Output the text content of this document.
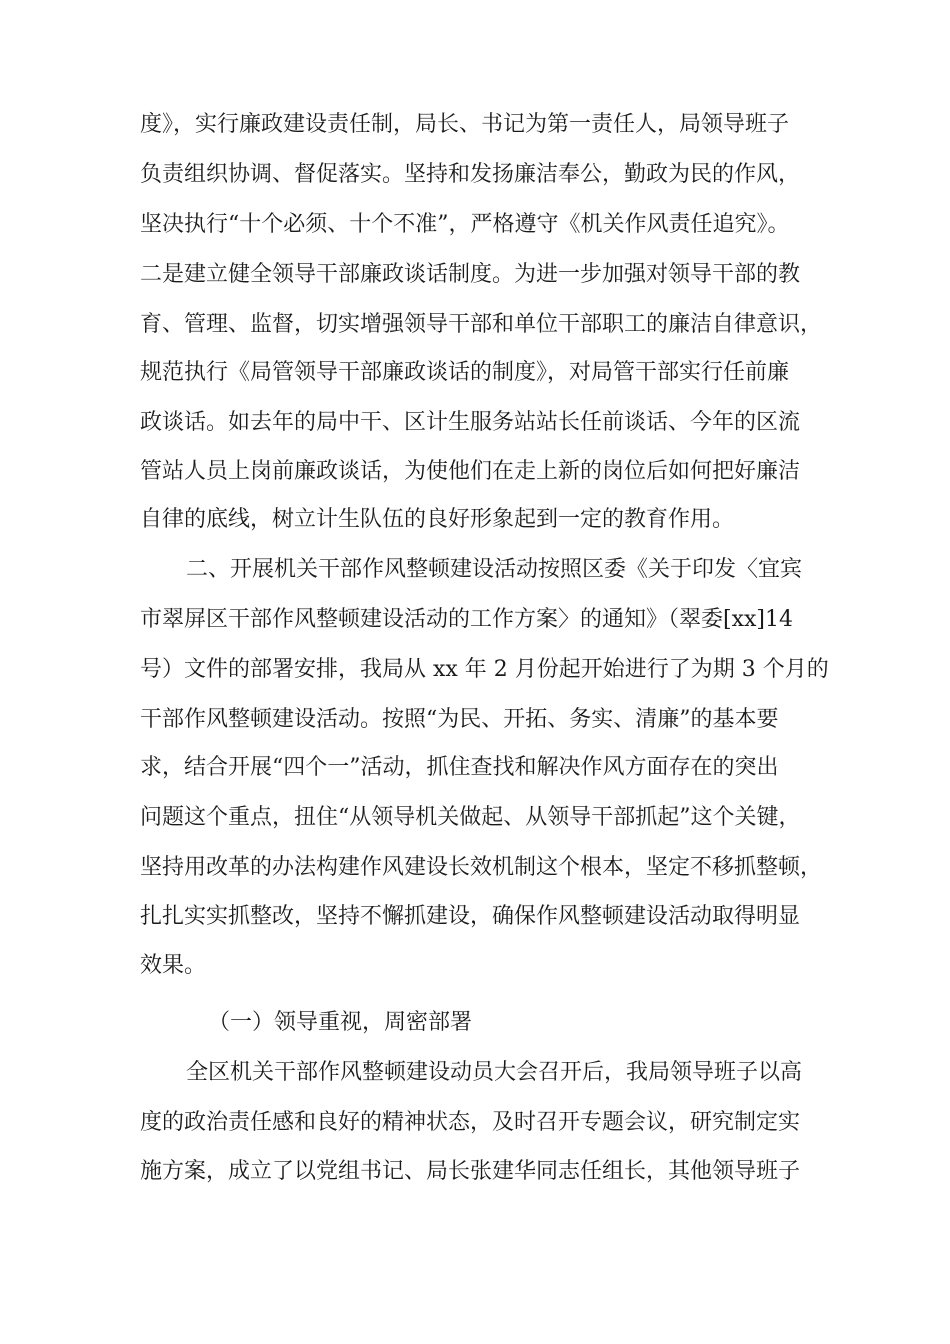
度》，实行廉政建设责任制，局长、书记为第一责任人，局领导班子
负责组织协调、督促落实。坚持和发扬廉洁奉公，勤政为民的作风，
坚决执行“十个必须、十个不准”，严格遵守《机关作风责任追究》。
二是建立健全领导干部廉政谈话制度。为进一步加强对领导干部的教
育、管理、监督，切实增强领导干部和单位干部职工的廉洁自律意识，
规范执行《局管领导干部廉政谈话的制度》，对局管干部实行任前廉
政谈话。如去年的局中干、区计生服务站站长任前谈话、今年的区流
管站人员上岗前廉政谈话，为使他们在走上新的岗位后如何把好廉洁
自律的底线，树立计生队伍的良好形象起到一定的教育作用。
二、开展机关干部作风整顿建设活动按照区委《关于印发〈宜宾
市翠屏区干部作风整顿建设活动的工作方案〉的通知》（翠委[xx]14
号）文件的部署安排，我局从 xx 年 2 月份起开始进行了为期 3 个月的
干部作风整顿建设活动。按照“为民、开拓、务实、清廉”的基本要
求，结合开展“四个一”活动，抓住查找和解决作风方面存在的突出
问题这个重点，扭住“从领导机关做起、从领导干部抓起”这个关键，
坚持用改革的办法构建作风建设长效机制这个根本，坚定不移抓整顿，
扎扎实实抓整改，坚持不懈抓建设，确保作风整顿建设活动取得明显
效果。
（一）领导重视，周密部署
全区机关干部作风整顿建设动员大会召开后，我局领导班子以高
度的政治责任感和良好的精神状态，及时召开专题会议，研究制定实
施方案，成立了以党组书记、局长张建华同志任组长，其他领导班子
